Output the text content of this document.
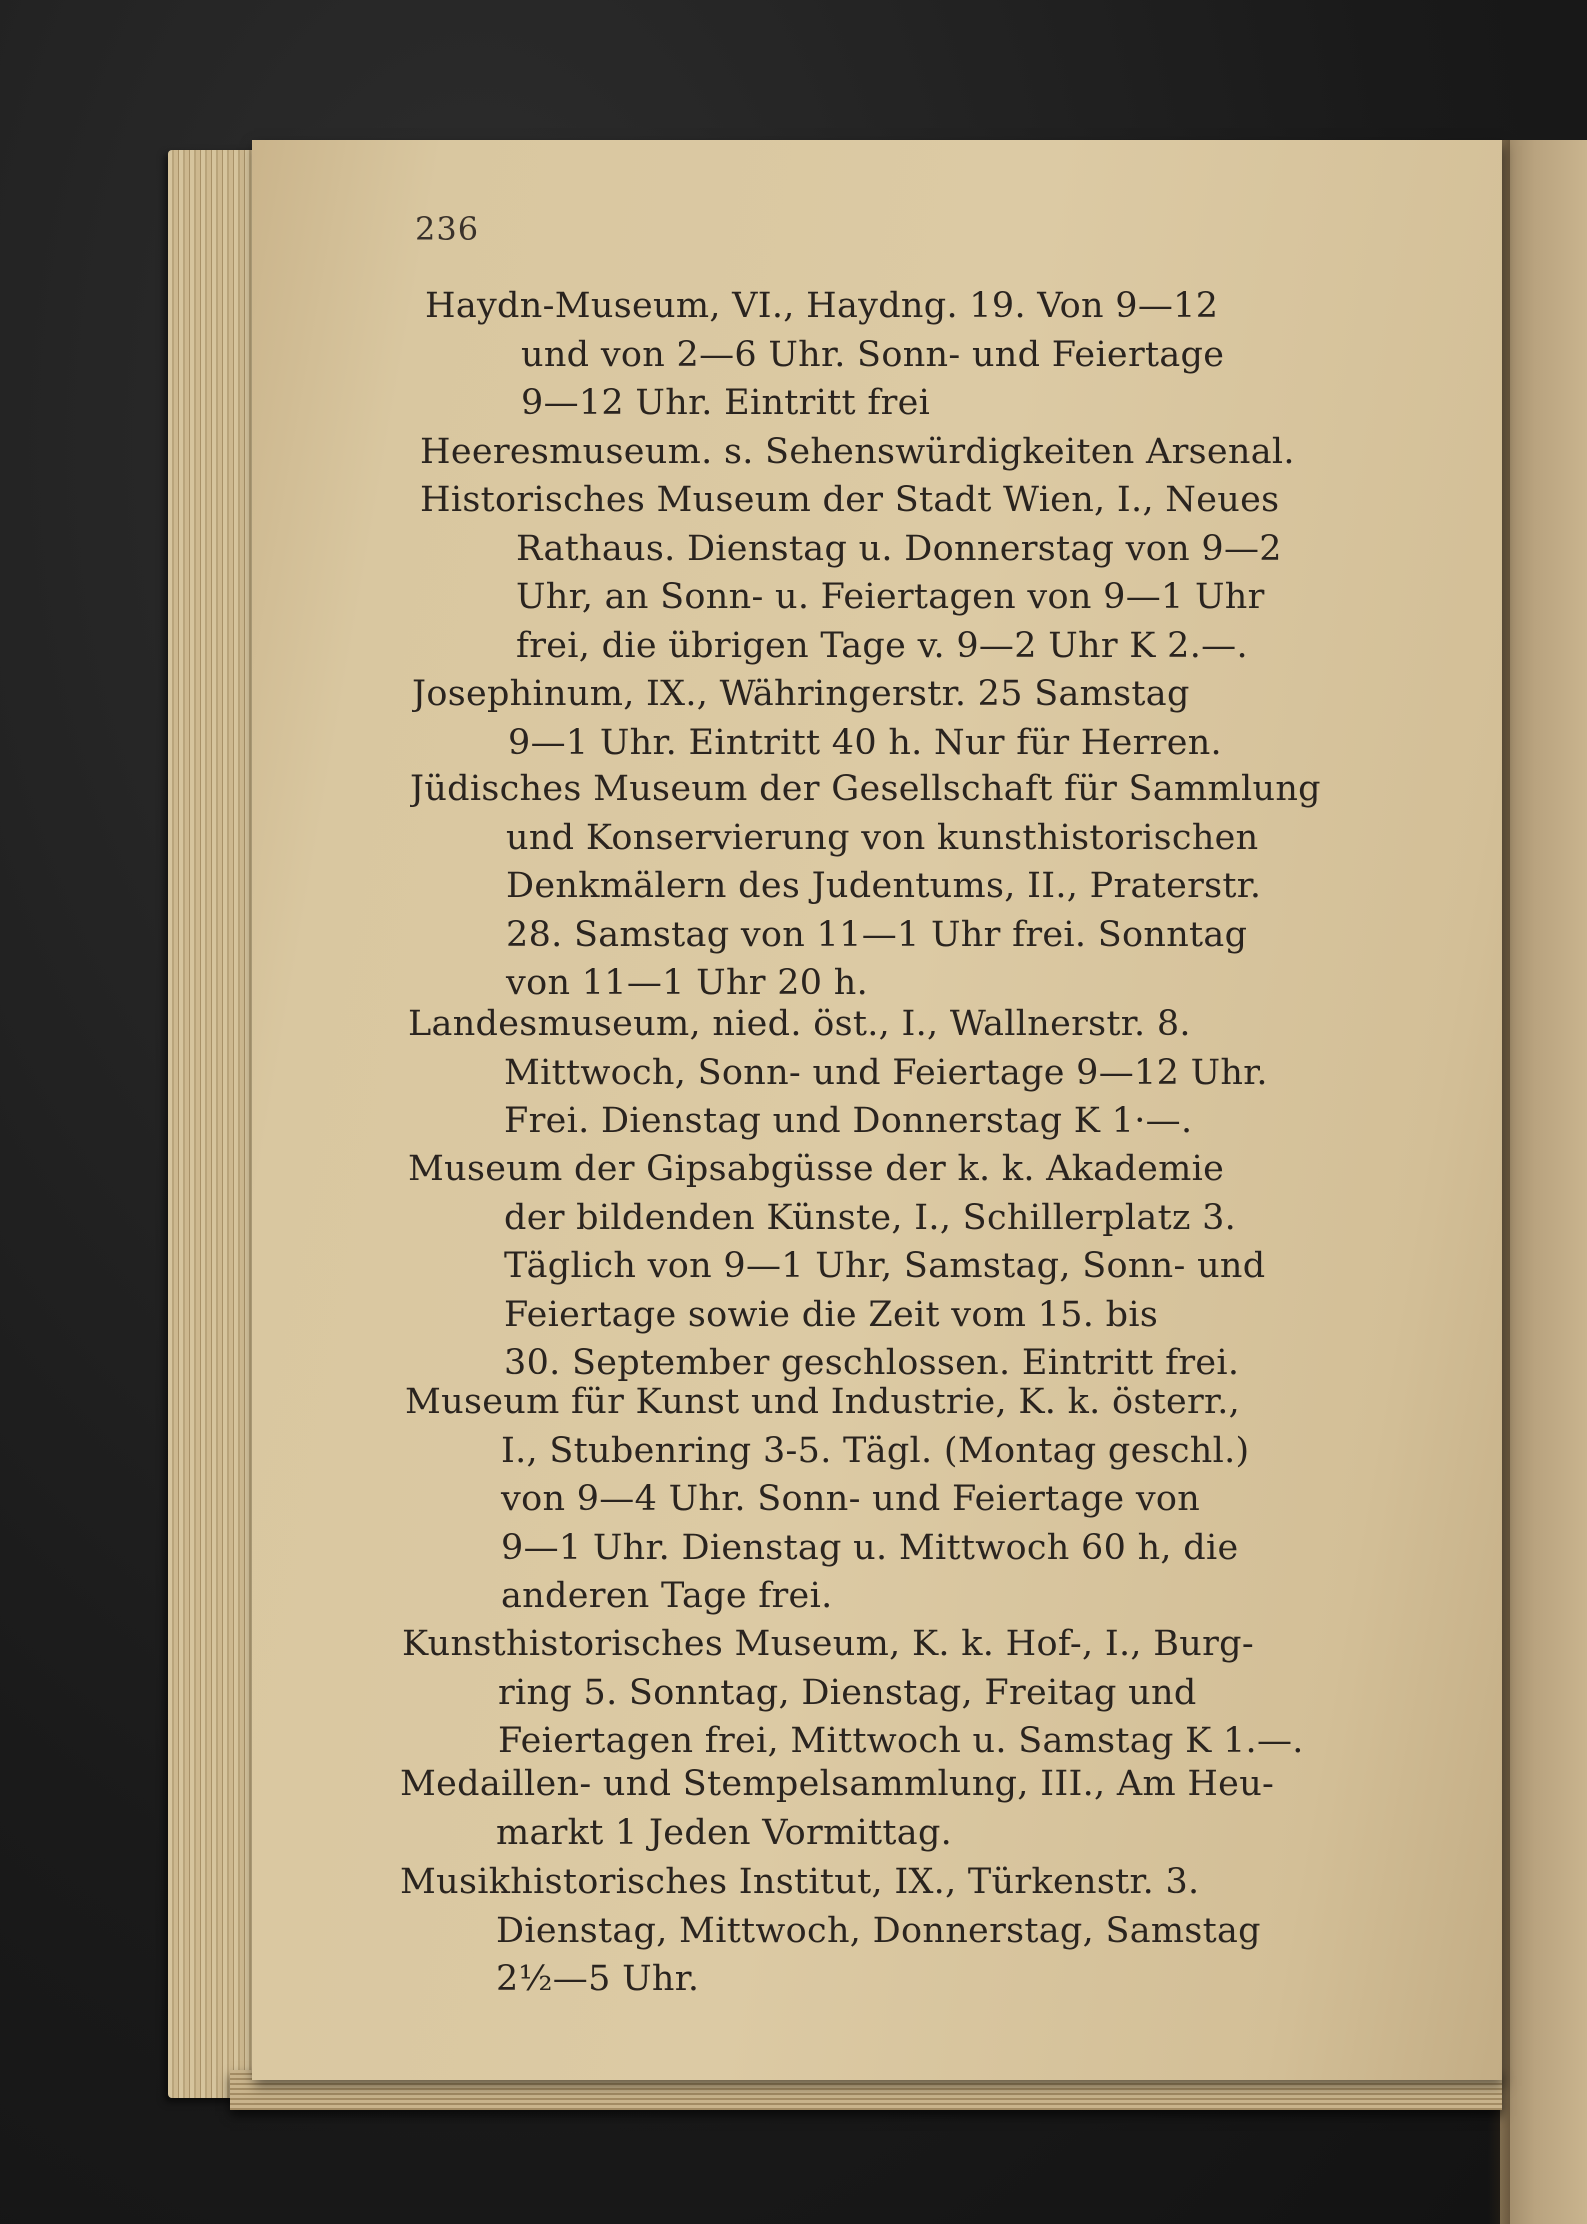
236
Haydn-Museum, VI., Haydng. 19. Von 9—12
und von 2—6 Uhr. Sonn- und Feiertage
9—12 Uhr. Eintritt frei
Heeresmuseum. s. Sehenswürdigkeiten Arsenal.
Historisches Museum der Stadt Wien, I., Neues
Rathaus. Dienstag u. Donnerstag von 9—2
Uhr, an Sonn- u. Feiertagen von 9—1 Uhr
frei, die übrigen Tage v. 9—2 Uhr K 2.—.
Josephinum, IX., Währingerstr. 25 Samstag
9—1 Uhr. Eintritt 40 h. Nur für Herren.
Jüdisches Museum der Gesellschaft für Sammlung
und Konservierung von kunsthistorischen
Denkmälern des Judentums, II., Praterstr.
28. Samstag von 11—1 Uhr frei. Sonntag
von 11—1 Uhr 20 h.
Landesmuseum, nied. öst., I., Wallnerstr. 8.
Mittwoch, Sonn- und Feiertage 9—12 Uhr.
Frei. Dienstag und Donnerstag K 1·—.
Museum der Gipsabgüsse der k. k. Akademie
der bildenden Künste, I., Schillerplatz 3.
Täglich von 9—1 Uhr, Samstag, Sonn- und
Feiertage sowie die Zeit vom 15. bis
30. September geschlossen. Eintritt frei.
Museum für Kunst und Industrie, K. k. österr.,
I., Stubenring 3-5. Tägl. (Montag geschl.)
von 9—4 Uhr. Sonn- und Feiertage von
9—1 Uhr. Dienstag u. Mittwoch 60 h, die
anderen Tage frei.
Kunsthistorisches Museum, K. k. Hof-, I., Burg-
ring 5. Sonntag, Dienstag, Freitag und
Feiertagen frei, Mittwoch u. Samstag K 1.—.
Medaillen- und Stempelsammlung, III., Am Heu-
markt 1 Jeden Vormittag.
Musikhistorisches Institut, IX., Türkenstr. 3.
Dienstag, Mittwoch, Donnerstag, Samstag
2½—5 Uhr.
